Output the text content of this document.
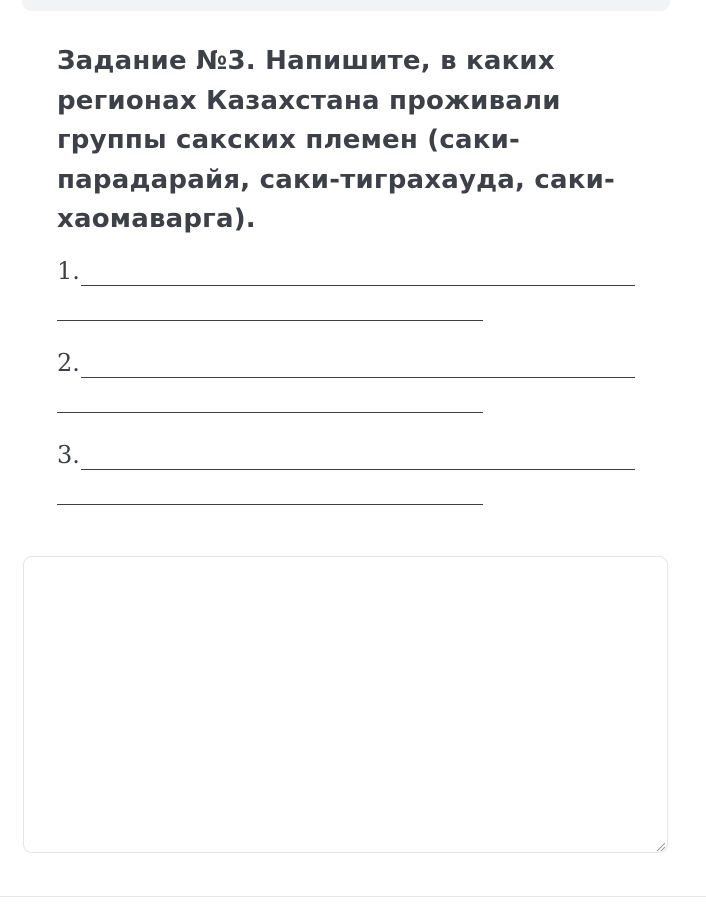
Задание №3. Напишите, в каких регионах Казахстана проживали группы сакских племен (саки-парадарайя, саки-тиграхауда, саки-хаомаварга).
1.
2.
3.
